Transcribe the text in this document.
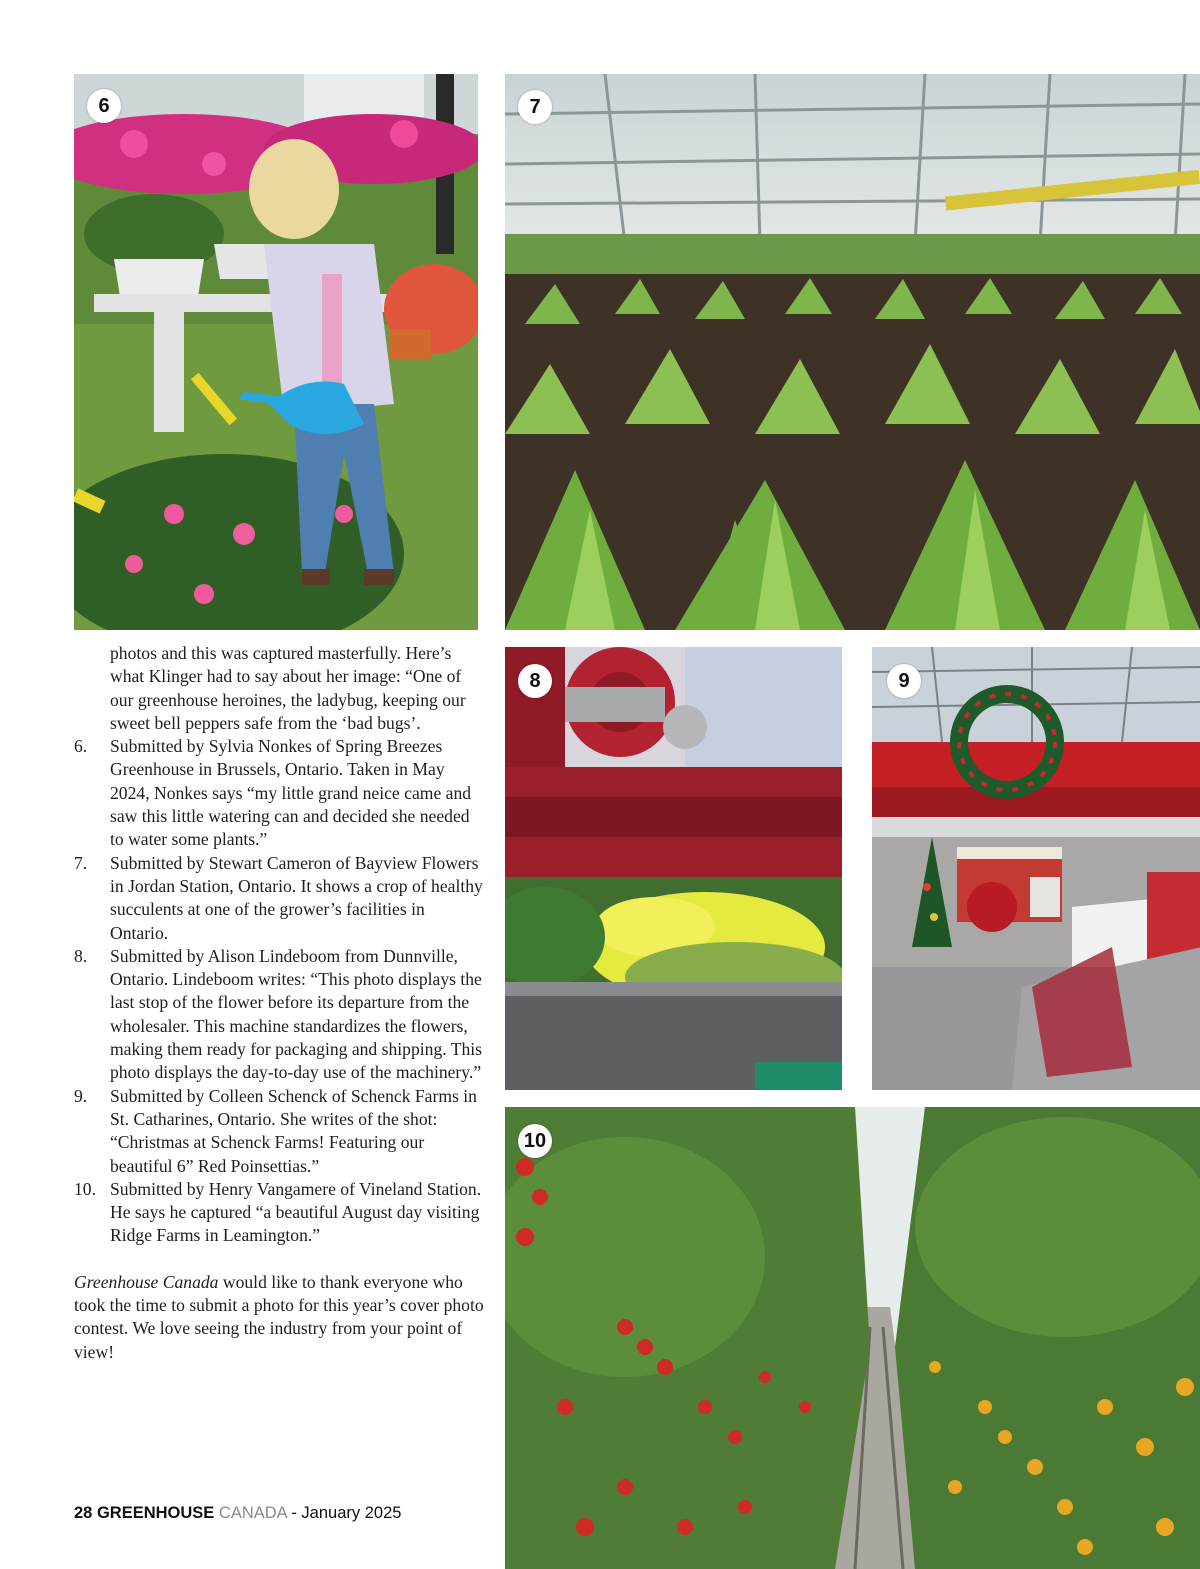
6	7
8	9
10

photos and this was captured masterfully. Here’s what Klinger had to say about her image: “One of our greenhouse heroines, the ladybug, keeping our sweet bell peppers safe from the ‘bad bugs’.

6. Submitted by Sylvia Nonkes of Spring Breezes Greenhouse in Brussels, Ontario. Taken in May 2024, Nonkes says “my little grand neice came and saw this little watering can and decided she needed to water some plants.”
7. Submitted by Stewart Cameron of Bayview Flowers in Jordan Station, Ontario. It shows a crop of healthy succulents at one of the grower’s facilities in Ontario.
8. Submitted by Alison Lindeboom from Dunnville, Ontario. Lindeboom writes: “This photo displays the last stop of the flower before its departure from the wholesaler. This machine standardizes the flowers, making them ready for packaging and shipping. This photo displays the day-to-day use of the machinery.”
9. Submitted by Colleen Schenck of Schenck Farms in St. Catharines, Ontario. She writes of the shot: “Christmas at Schenck Farms! Featuring our beautiful 6” Red Poinsettias.”
10. Submitted by Henry Vangamere of Vineland Station. He says he captured “a beautiful August day visiting Ridge Farms in Leamington.”

Greenhouse Canada would like to thank everyone who took the time to submit a photo for this year’s cover photo contest. We love seeing the industry from your point of view!

28 GREENHOUSE CANADA - January 2025
